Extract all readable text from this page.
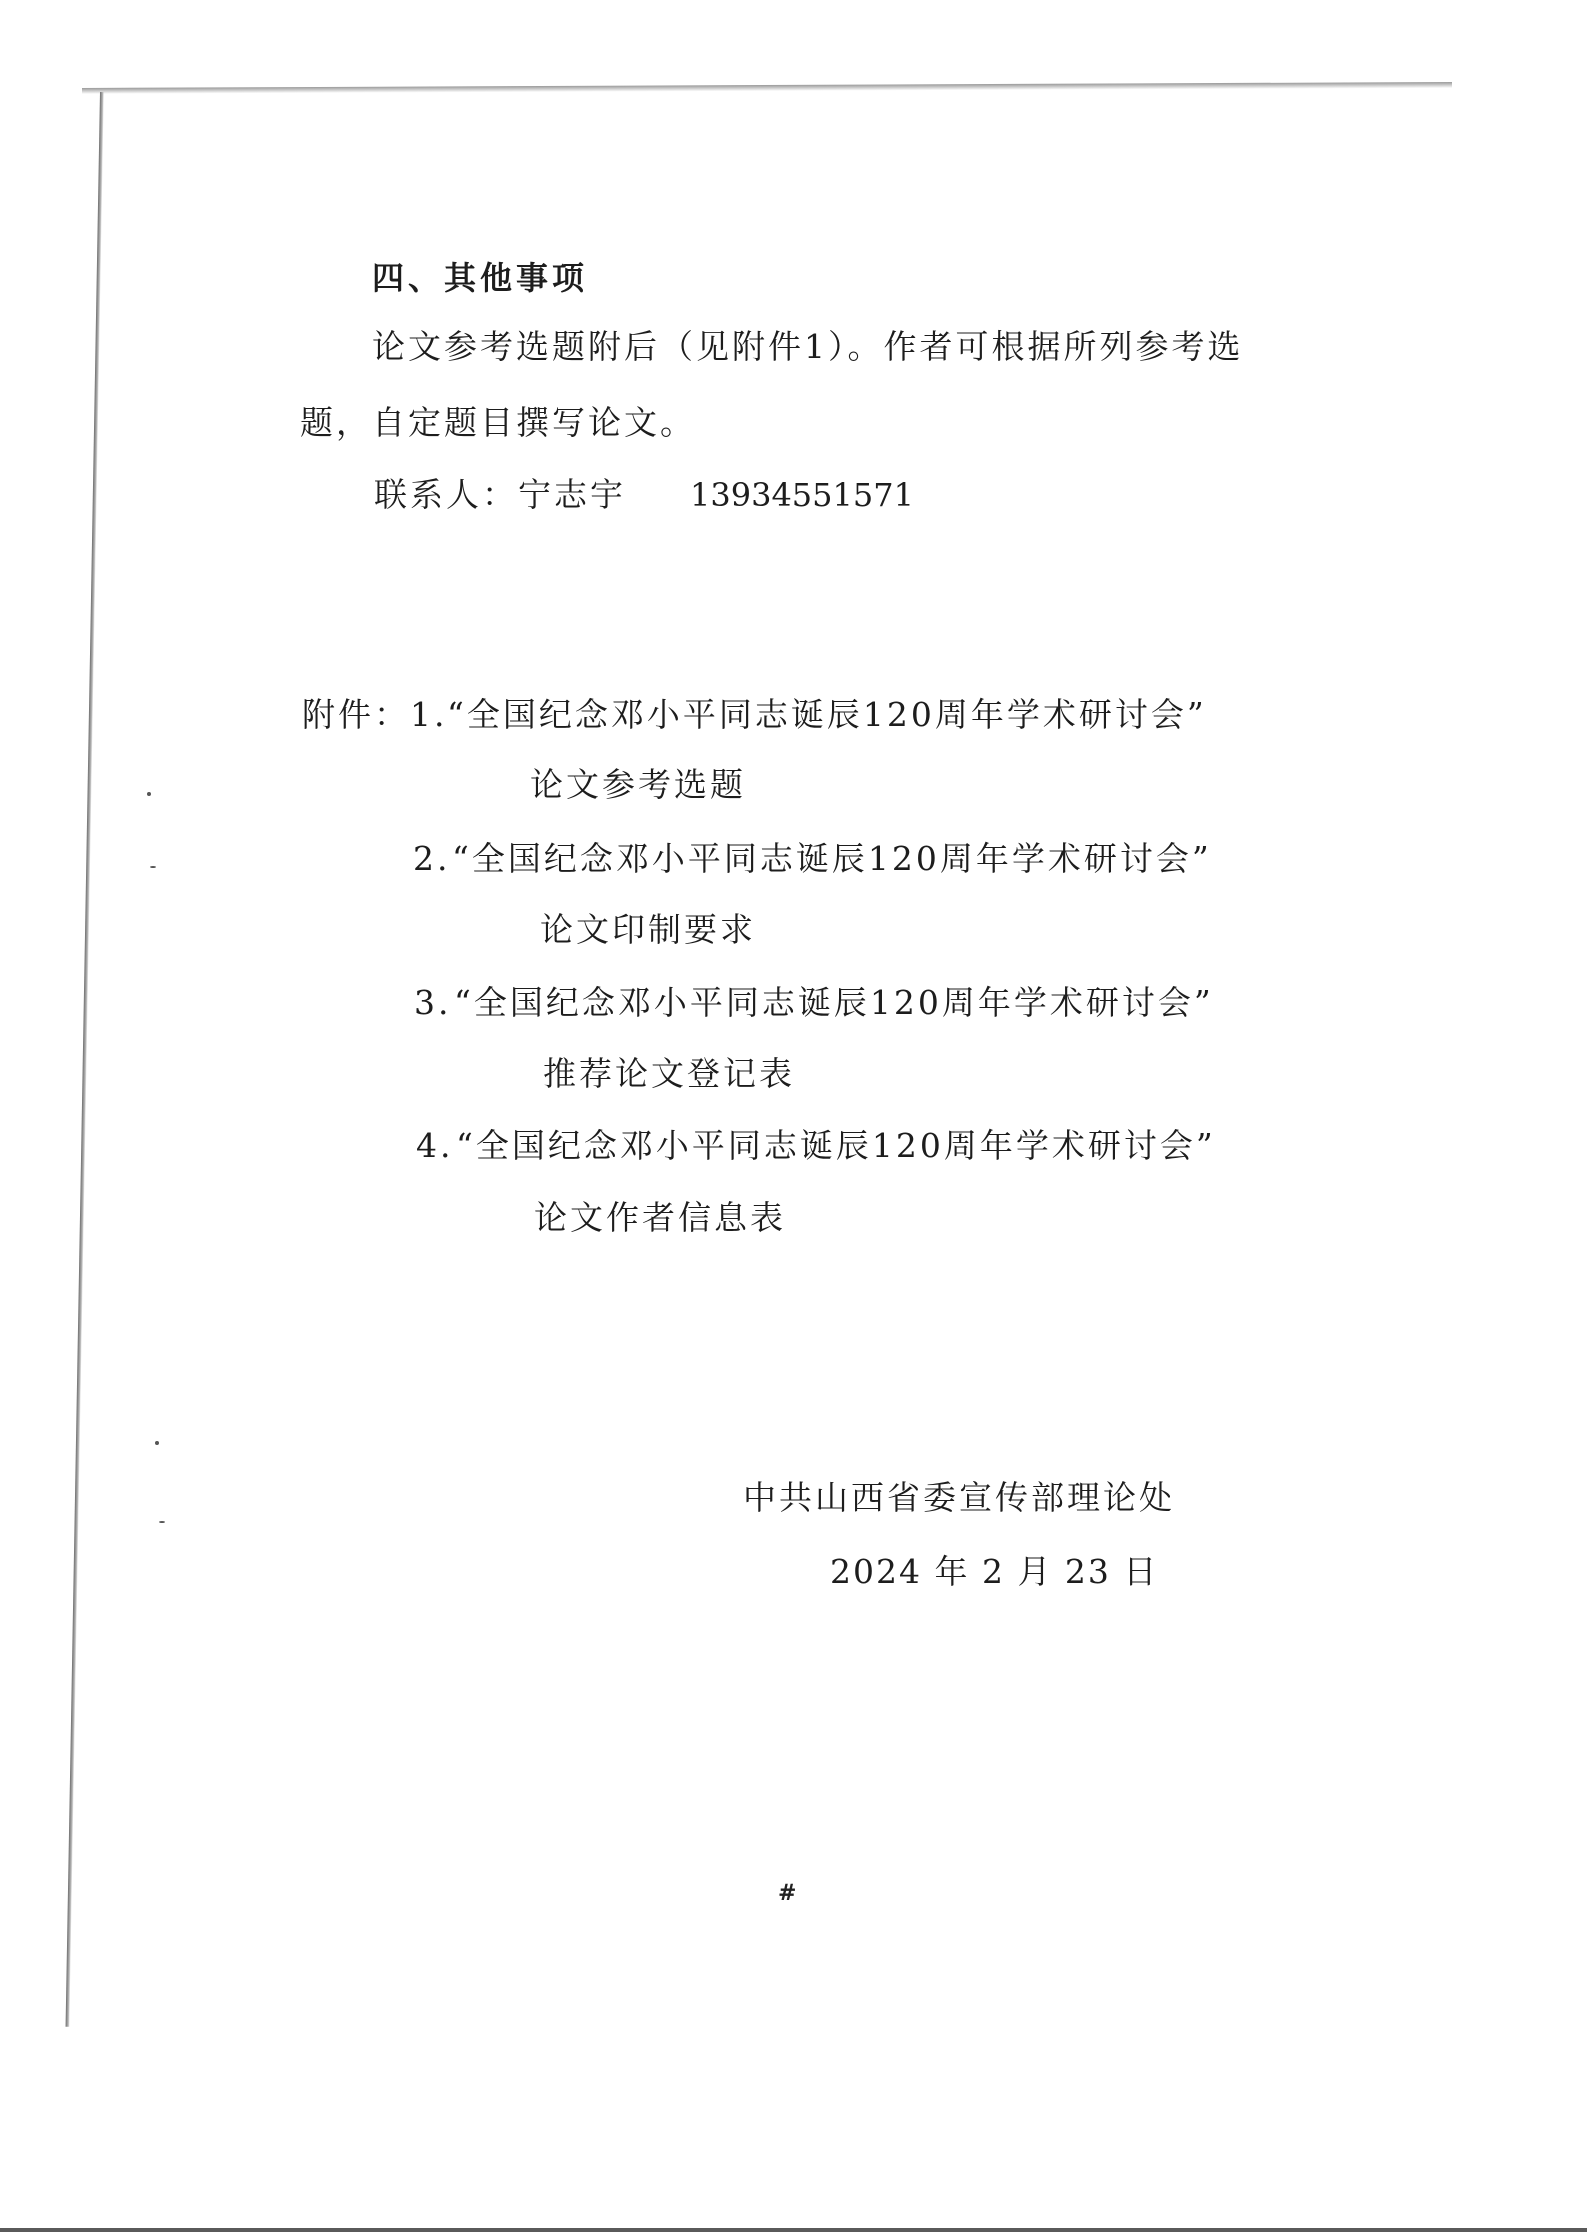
四、其他事项
论文参考选题附后（见附件1）。作者可根据所列参考选
题，自定题目撰写论文。
联系人：宁志宇 13934551571
附件： 1. “全国纪念邓小平同志诞辰120周年学术研讨会”
论文参考选题
2. “全国纪念邓小平同志诞辰120周年学术研讨会”
论文印制要求
3. “全国纪念邓小平同志诞辰120周年学术研讨会”
推荐论文登记表
4. “全国纪念邓小平同志诞辰120周年学术研讨会”
论文作者信息表
中共山西省委宣传部理论处
2024 年 2 月 23 日
#
